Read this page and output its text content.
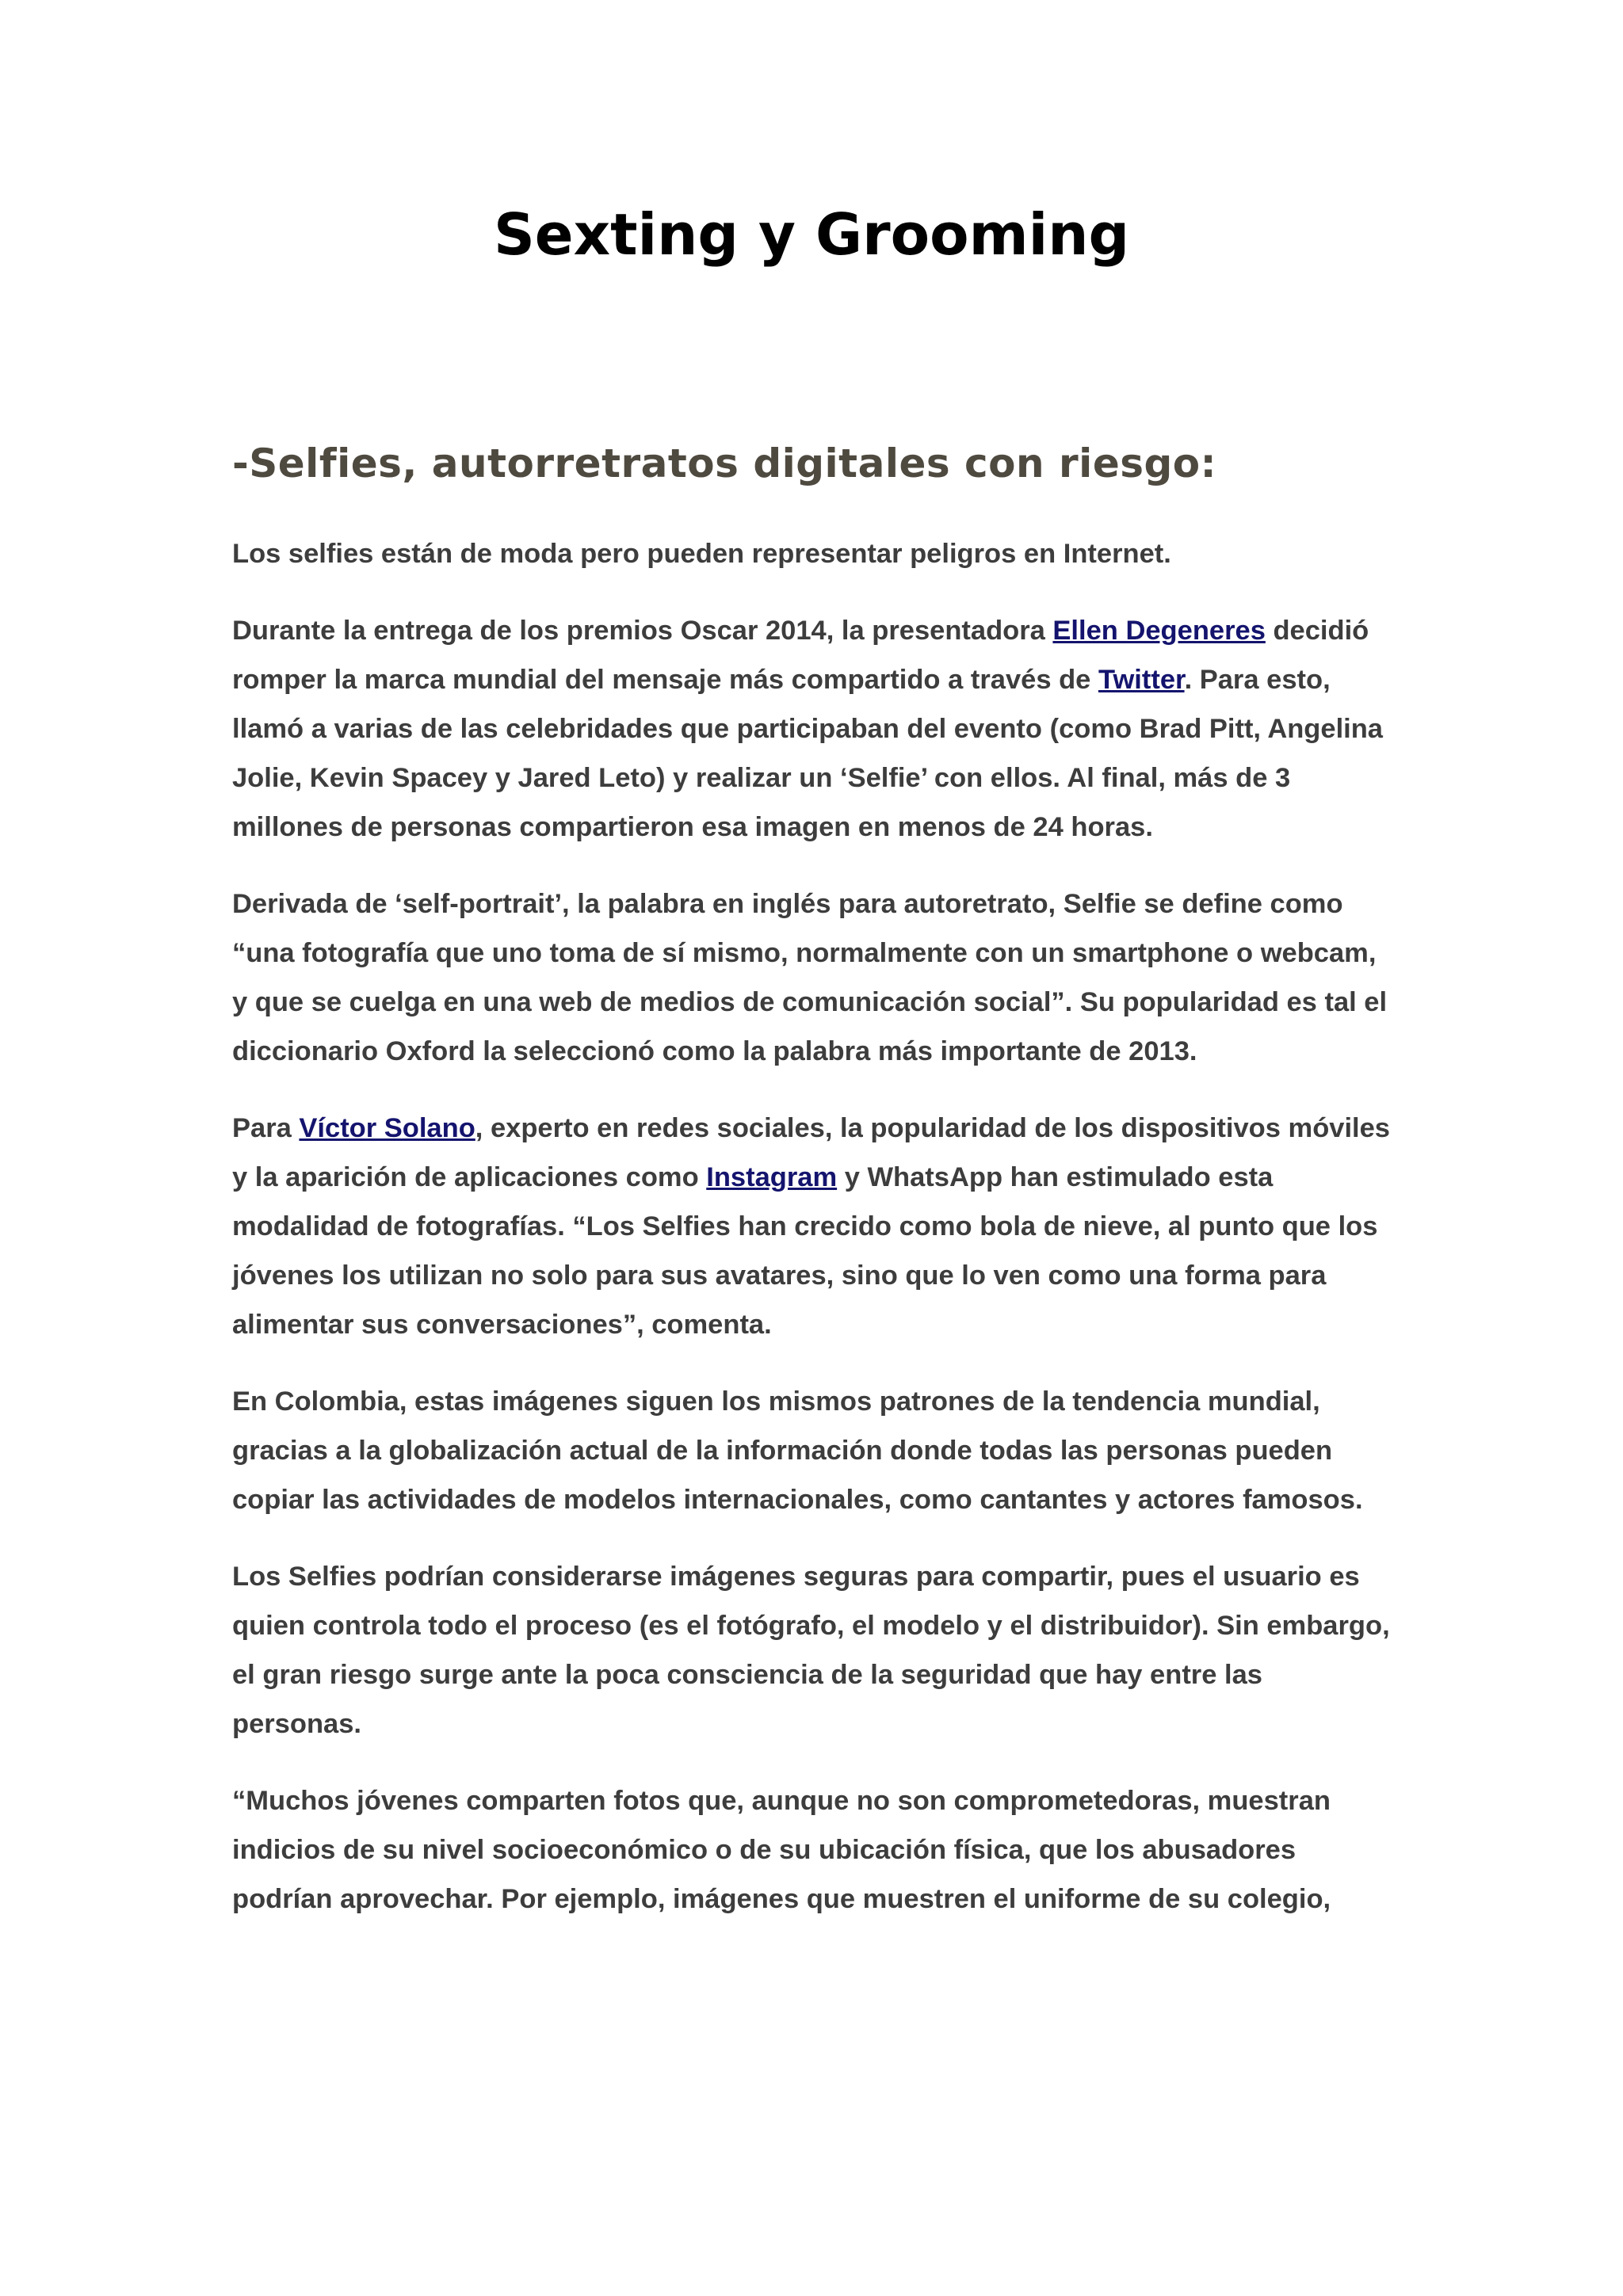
Sexting y Grooming
-Selfies, autorretratos digitales con riesgo:

Los selfies están de moda pero pueden representar peligros en Internet.

Durante la entrega de los premios Oscar 2014, la presentadora Ellen Degeneres decidió romper la marca mundial del mensaje más compartido a través de Twitter. Para esto, llamó a varias de las celebridades que participaban del evento (como Brad Pitt, Angelina Jolie, Kevin Spacey y Jared Leto) y realizar un ‘Selfie’ con ellos. Al final, más de 3 millones de personas compartieron esa imagen en menos de 24 horas.

Derivada de ‘self-portrait’, la palabra en inglés para autoretrato, Selfie se define como “una fotografía que uno toma de sí mismo, normalmente con un smartphone o webcam, y que se cuelga en una web de medios de comunicación social”. Su popularidad es tal el diccionario Oxford la seleccionó como la palabra más importante de 2013.

Para Víctor Solano, experto en redes sociales, la popularidad de los dispositivos móviles y la aparición de aplicaciones como Instagram y WhatsApp han estimulado esta modalidad de fotografías. “Los Selfies han crecido como bola de nieve, al punto que los jóvenes los utilizan no solo para sus avatares, sino que lo ven como una forma para alimentar sus conversaciones”, comenta.

En Colombia, estas imágenes siguen los mismos patrones de la tendencia mundial, gracias a la globalización actual de la información donde todas las personas pueden copiar las actividades de modelos internacionales, como cantantes y actores famosos.

Los Selfies podrían considerarse imágenes seguras para compartir, pues el usuario es quien controla todo el proceso (es el fotógrafo, el modelo y el distribuidor). Sin embargo, el gran riesgo surge ante la poca consciencia de la seguridad que hay entre las personas.

“Muchos jóvenes comparten fotos que, aunque no son comprometedoras, muestran indicios de su nivel socioeconómico o de su ubicación física, que los abusadores podrían aprovechar. Por ejemplo, imágenes que muestren el uniforme de su colegio,
